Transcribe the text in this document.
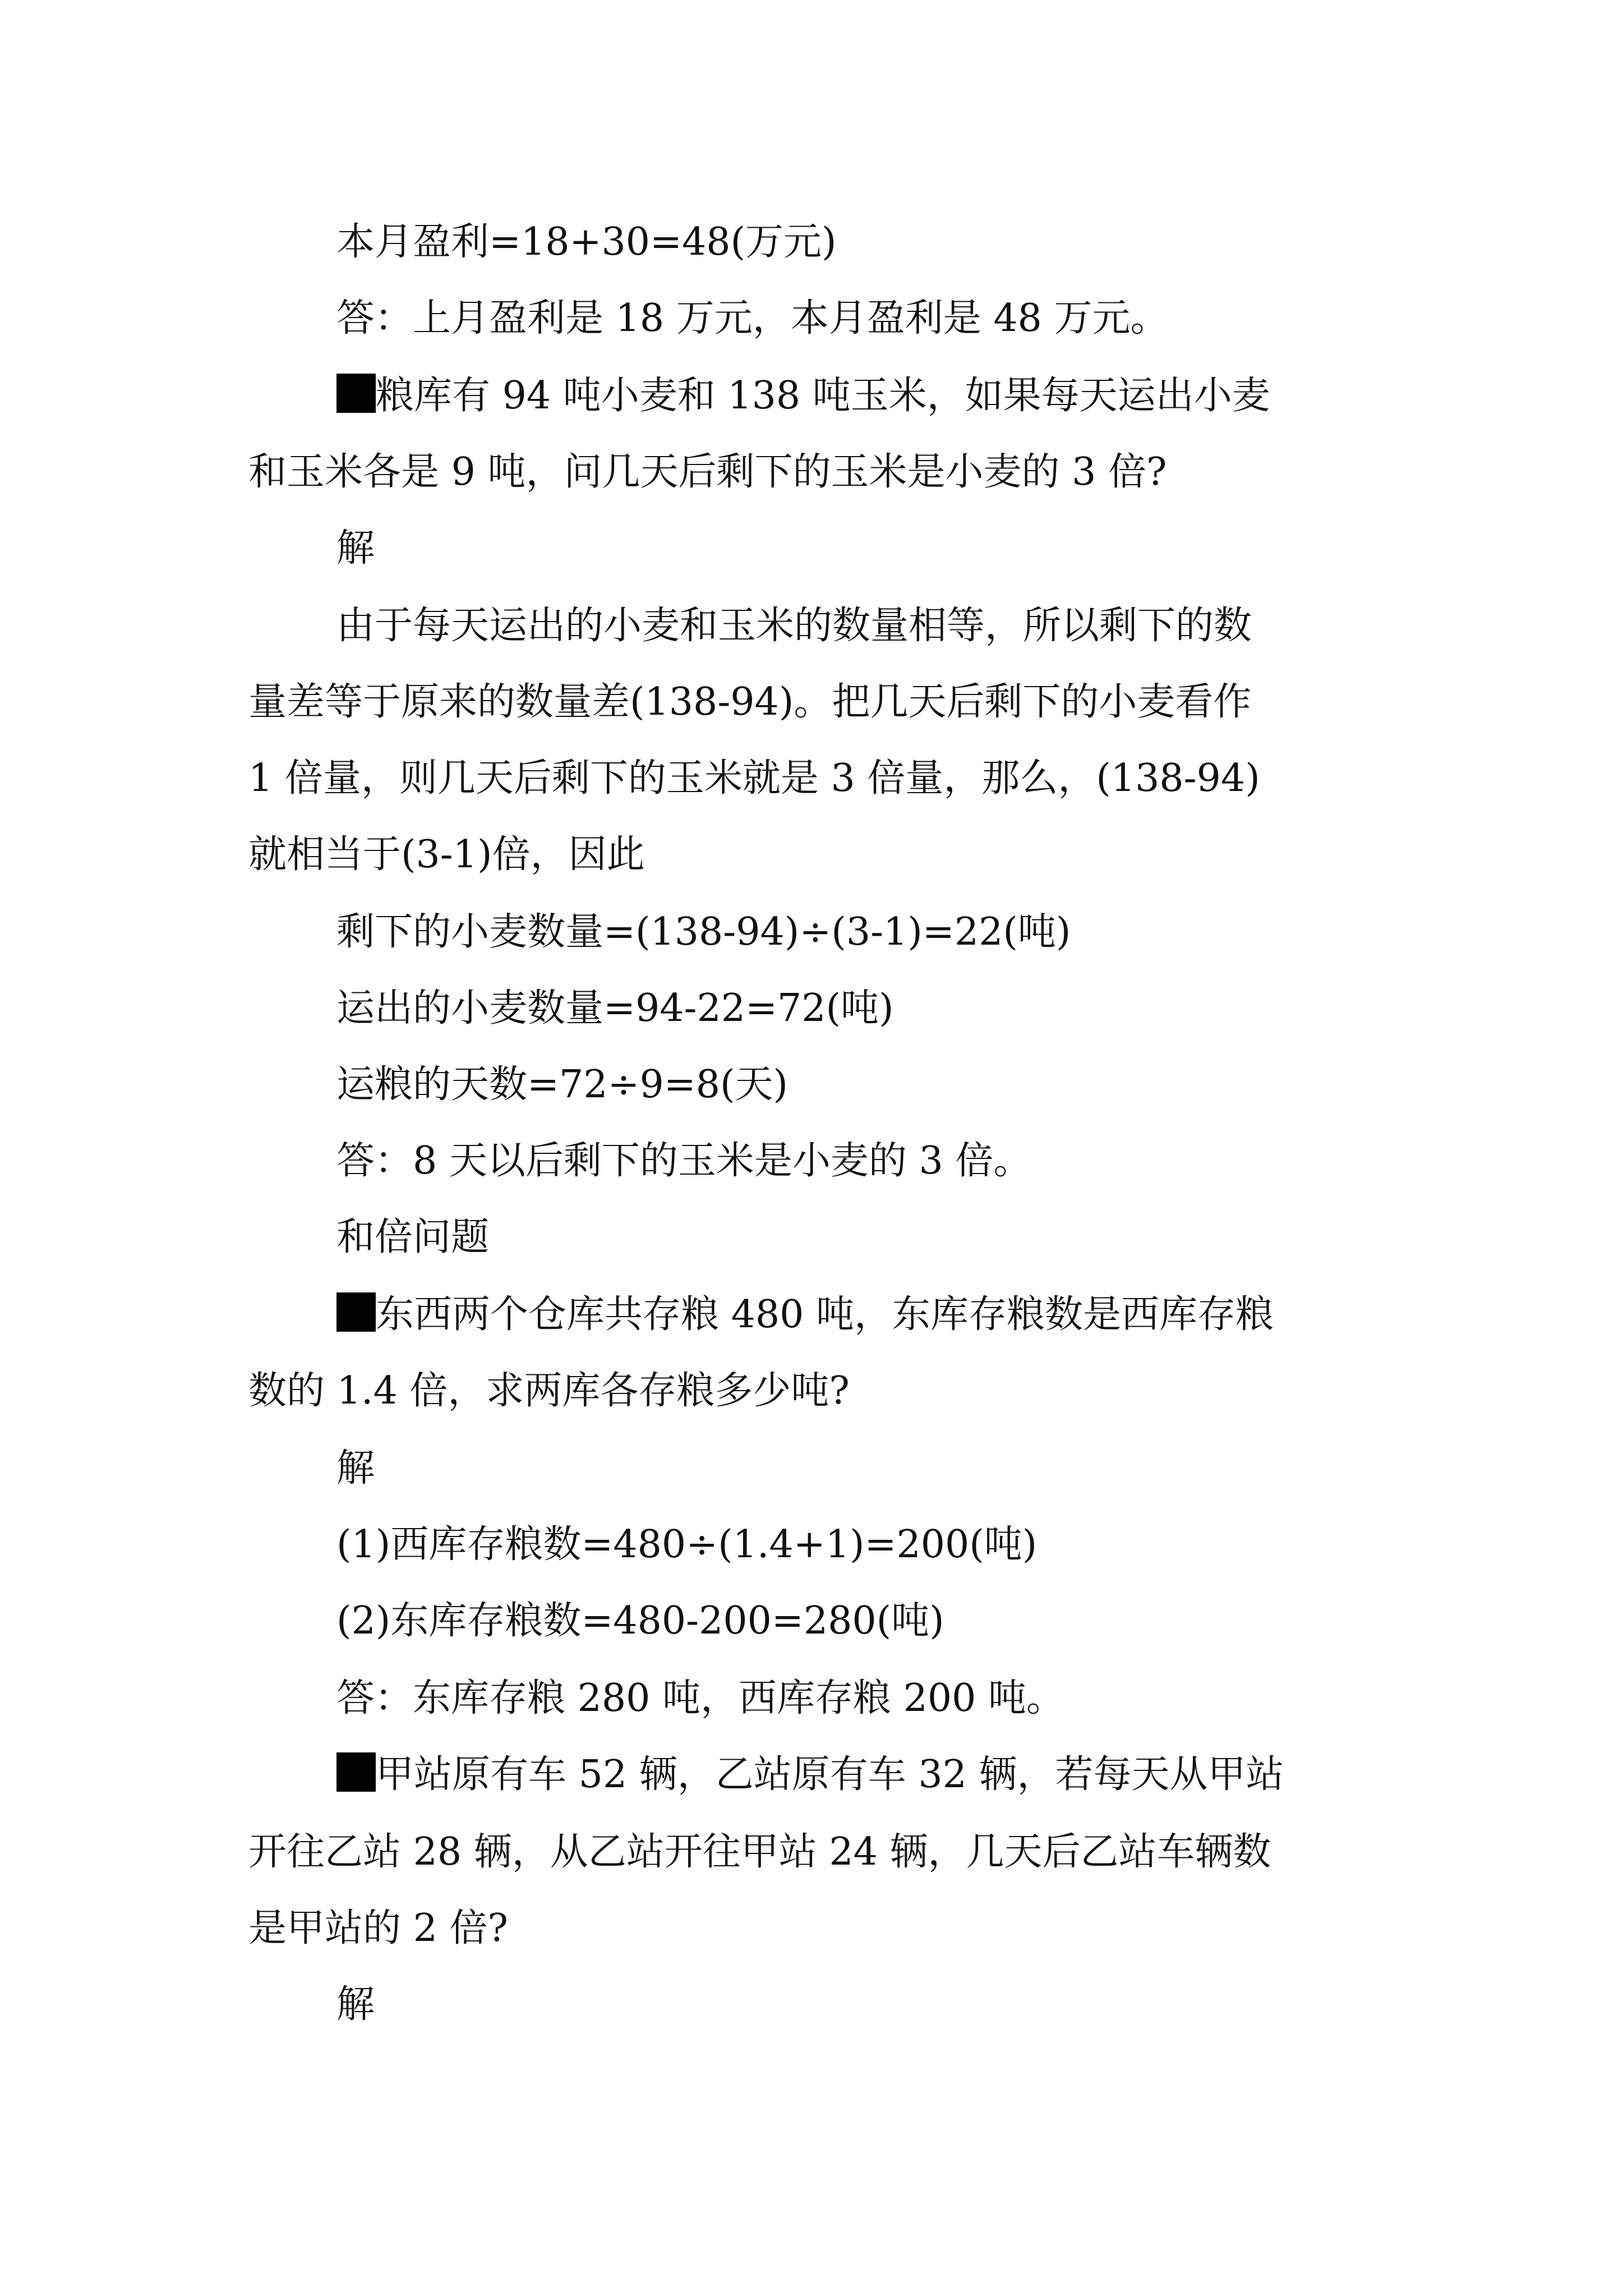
本月盈利=18+30=48(万元)
答：上月盈利是 18 万元，本月盈利是 48 万元。
粮库有 94 吨小麦和 138 吨玉米，如果每天运出小麦
和玉米各是 9 吨，问几天后剩下的玉米是小麦的 3 倍?
解
由于每天运出的小麦和玉米的数量相等，所以剩下的数
量差等于原来的数量差(138-94)。把几天后剩下的小麦看作
1 倍量，则几天后剩下的玉米就是 3 倍量，那么，(138-94)
就相当于(3-1)倍，因此
剩下的小麦数量=(138-94)÷(3-1)=22(吨)
运出的小麦数量=94-22=72(吨)
运粮的天数=72÷9=8(天)
答：8 天以后剩下的玉米是小麦的 3 倍。
和倍问题
东西两个仓库共存粮 480 吨，东库存粮数是西库存粮
数的 1.4 倍，求两库各存粮多少吨?
解
(1)西库存粮数=480÷(1.4+1)=200(吨)
(2)东库存粮数=480-200=280(吨)
答：东库存粮 280 吨，西库存粮 200 吨。
甲站原有车 52 辆，乙站原有车 32 辆，若每天从甲站
开往乙站 28 辆，从乙站开往甲站 24 辆，几天后乙站车辆数
是甲站的 2 倍?
解
